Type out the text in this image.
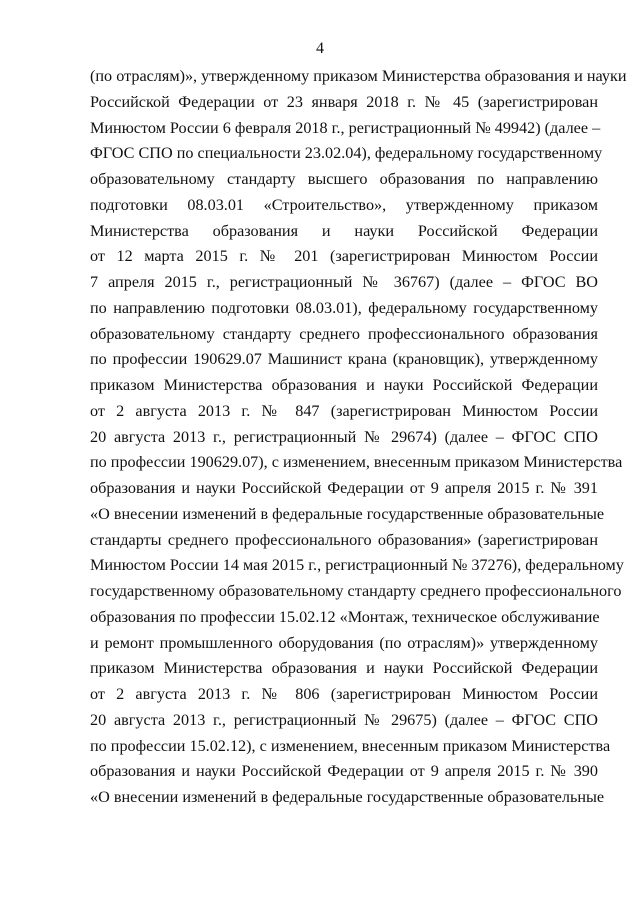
4
(по отраслям)», утвержденному приказом Министерства образования и науки
Российской Федерации от 23 января 2018 г. № 45 (зарегистрирован
Минюстом России 6 февраля 2018 г., регистрационный № 49942) (далее –
ФГОС СПО по специальности 23.02.04), федеральному государственному
образовательному стандарту высшего образования по направлению
подготовки 08.03.01 «Строительство», утвержденному приказом
Министерства образования и науки Российской Федерации
от 12 марта 2015 г. № 201 (зарегистрирован Минюстом России
7 апреля 2015 г., регистрационный № 36767) (далее – ФГОС ВО
по направлению подготовки 08.03.01), федеральному государственному
образовательному стандарту среднего профессионального образования
по профессии 190629.07 Машинист крана (крановщик), утвержденному
приказом Министерства образования и науки Российской Федерации
от 2 августа 2013 г. № 847 (зарегистрирован Минюстом России
20 августа 2013 г., регистрационный № 29674) (далее – ФГОС СПО
по профессии 190629.07), с изменением, внесенным приказом Министерства
образования и науки Российской Федерации от 9 апреля 2015 г. № 391
«О внесении изменений в федеральные государственные образовательные
стандарты среднего профессионального образования» (зарегистрирован
Минюстом России 14 мая 2015 г., регистрационный № 37276), федеральному
государственному образовательному стандарту среднего профессионального
образования по профессии 15.02.12 «Монтаж, техническое обслуживание
и ремонт промышленного оборудования (по отраслям)» утвержденному
приказом Министерства образования и науки Российской Федерации
от 2 августа 2013 г. № 806 (зарегистрирован Минюстом России
20 августа 2013 г., регистрационный № 29675) (далее – ФГОС СПО
по профессии 15.02.12), с изменением, внесенным приказом Министерства
образования и науки Российской Федерации от 9 апреля 2015 г. № 390
«О внесении изменений в федеральные государственные образовательные
